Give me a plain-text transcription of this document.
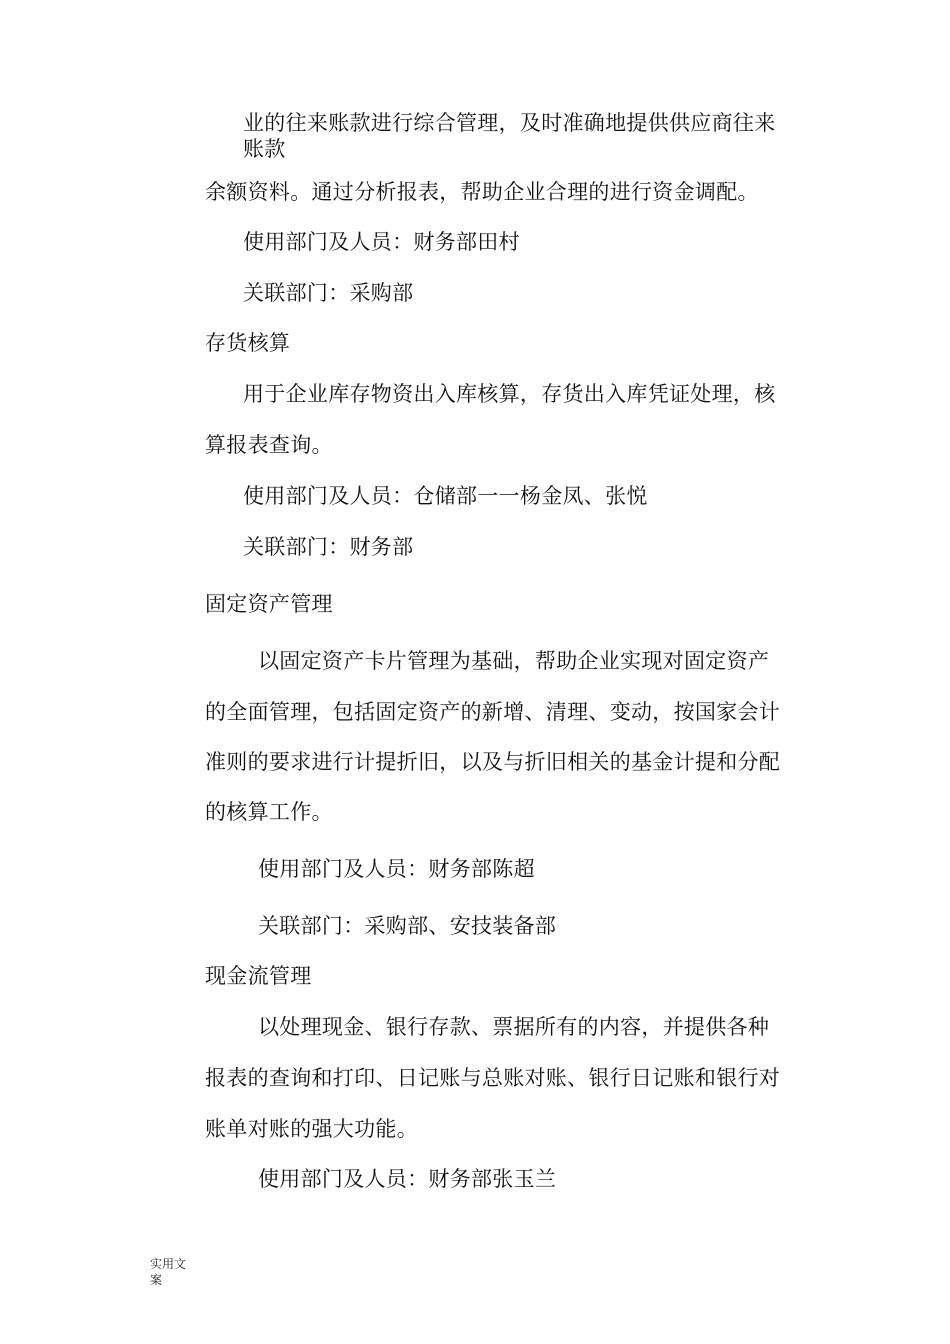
业的往来账款进行综合管理，及时准确地提供供应商往来
账款
余额资料。通过分析报表，帮助企业合理的进行资金调配。
使用部门及人员：财务部田村
关联部门：采购部
存货核算
用于企业库存物资出入库核算，存货出入库凭证处理，核
算报表查询。
使用部门及人员：仓储部一一杨金凤、张悦
关联部门：财务部
固定资产管理
以固定资产卡片管理为基础，帮助企业实现对固定资产
的全面管理，包括固定资产的新增、清理、变动，按国家会计
准则的要求进行计提折旧，以及与折旧相关的基金计提和分配
的核算工作。
使用部门及人员：财务部陈超
关联部门：采购部、安技装备部
现金流管理
以处理现金、银行存款、票据所有的内容，并提供各种
报表的查询和打印、日记账与总账对账、银行日记账和银行对
账单对账的强大功能。
使用部门及人员：财务部张玉兰
实用文案
